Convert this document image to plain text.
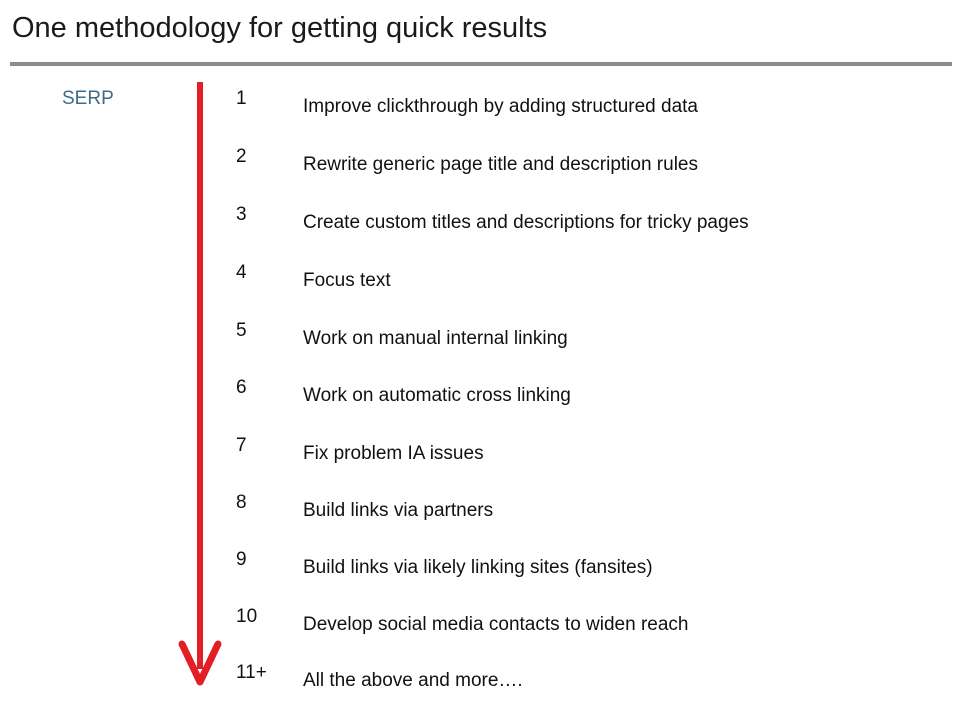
One methodology for getting quick results
SERP	1	Improve clickthrough by adding structured data
2	Rewrite generic page title and description rules
3	Create custom titles and descriptions for tricky pages
4	Focus text
5	Work on manual internal linking
6	Work on automatic cross linking
7	Fix problem IA issues
8	Build links via partners
9	Build links via likely linking sites (fansites)
10 Develop social media contacts to widen reach
11+ All the above and more….
